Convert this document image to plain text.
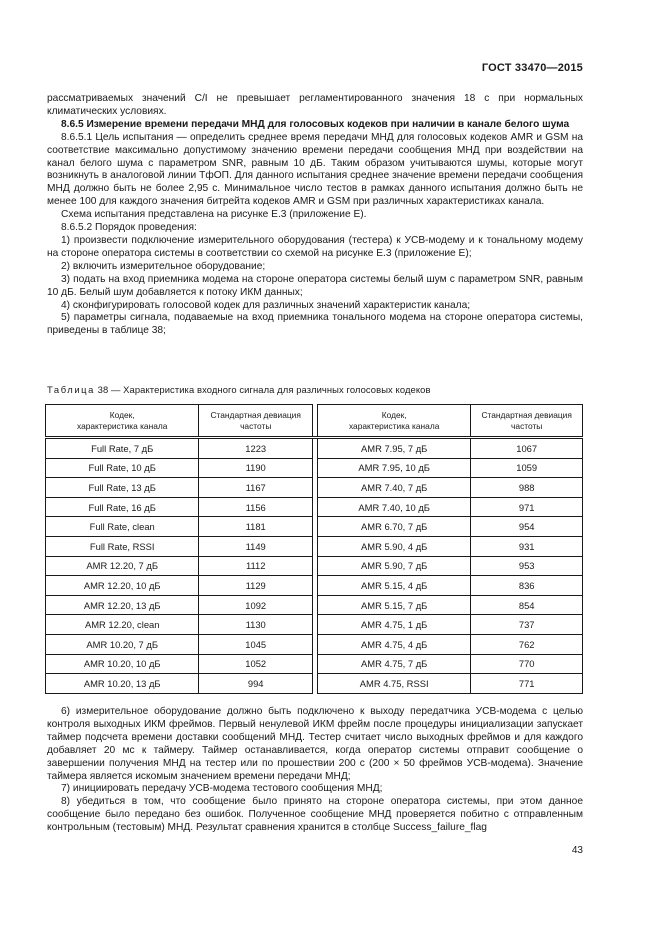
ГОСТ 33470—2015

рассматриваемых значений С/I не превышает регламентированного значения 18 с при нормальных климатических условиях.

8.6.5 Измерение времени передачи МНД для голосовых кодеков при наличии в канале белого шума

8.6.5.1 Цель испытания — определить среднее время передачи МНД для голосовых кодеков AMR и GSM на соответствие максимально допустимому значению времени передачи сообщения МНД при воздействии на канал белого шума с параметром SNR, равным 10 дБ. Таким образом учитываются шумы, которые могут возникнуть в аналоговой линии ТфОП. Для данного испытания среднее значение времени передачи сообщения МНД должно быть не более 2,95 с. Минимальное число тестов в рамках данного испытания должно быть не менее 100 для каждого значения битрейта кодеков AMR и GSM при различных характеристиках канала.

Схема испытания представлена на рисунке Е.3 (приложение Е).

8.6.5.2 Порядок проведения:

1) произвести подключение измерительного оборудования (тестера) к УСВ-модему и к тональному модему на стороне оператора системы в соответствии со схемой на рисунке Е.3 (приложение Е);

2) включить измерительное оборудование;

3) подать на вход приемника модема на стороне оператора системы белый шум с параметром SNR, равным 10 дБ. Белый шум добавляется к потоку ИКМ данных;

4) сконфигурировать голосовой кодек для различных значений характеристик канала;

5) параметры сигнала, подаваемые на вход приемника тонального модема на стороне оператора системы, приведены в таблице 38;

Таблица 38 — Характеристика входного сигнала для различных голосовых кодеков
Кодек,
характеристика канала	Стандартная девиация
частоты		Кодек,
характеристика канала	Стандартная девиация
частоты
Full Rate, 7 дБ	1223		AMR 7.95, 7 дБ	1067
Full Rate, 10 дБ	1190		AMR 7.95, 10 дБ	1059
Full Rate, 13 дБ	1167		AMR 7.40, 7 дБ	988
Full Rate, 16 дБ	1156		AMR 7.40, 10 дБ	971
Full Rate, clean	1181		AMR 6.70, 7 дБ	954
Full Rate, RSSI	1149		AMR 5.90, 4 дБ	931
AMR 12.20, 7 дБ	1112		AMR 5.90, 7 дБ	953
AMR 12.20, 10 дБ	1129		AMR 5.15, 4 дБ	836
AMR 12.20, 13 дБ	1092		AMR 5.15, 7 дБ	854
AMR 12.20, clean	1130		AMR 4.75, 1 дБ	737
AMR 10.20, 7 дБ	1045		AMR 4.75, 4 дБ	762
AMR 10.20, 10 дБ	1052		AMR 4.75, 7 дБ	770
AMR 10.20, 13 дБ	994		AMR 4.75, RSSI	771

6) измерительное оборудование должно быть подключено к выходу передатчика УСВ-модема с целью контроля выходных ИКМ фреймов. Первый ненулевой ИКМ фрейм после процедуры инициализации запускает таймер подсчета времени доставки сообщений МНД. Тестер считает число выходных фреймов и для каждого добавляет 20 мс к таймеру. Таймер останавливается, когда оператор системы отправит сообщение о завершении получения МНД на тестер или по прошествии 200 с (200 × 50 фреймов УСВ-модема). Значение таймера является искомым значением времени передачи МНД;

7) инициировать передачу УСВ-модема тестового сообщения МНД;

8) убедиться в том, что сообщение было принято на стороне оператора системы, при этом данное сообщение было передано без ошибок. Полученное сообщение МНД проверяется побитно с отправленным контрольным (тестовым) МНД. Результат сравнения хранится в столбце Success_failure_flag

43
